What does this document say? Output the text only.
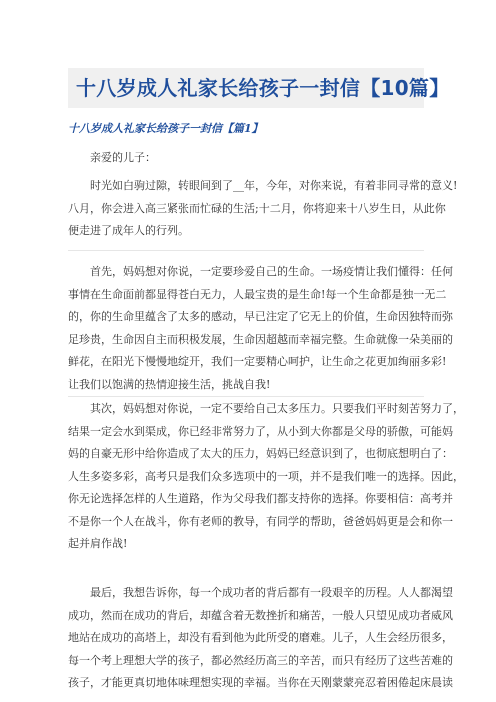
十八岁成人礼家长给孩子一封信【10篇】
十八岁成人礼家长给孩子一封信【篇1】
亲爱的儿子：
时光如白驹过隙，转眼间到了__年，今年，对你来说，有着非同寻常的意义!
八月，你会进入高三紧张而忙碌的生活;十二月，你将迎来十八岁生日，从此你
便走进了成年人的行列。
首先，妈妈想对你说，一定要珍爱自己的生命。一场疫情让我们懂得：任何
事情在生命面前都显得苍白无力，人最宝贵的是生命!每一个生命都是独一无二
的，你的生命里蕴含了太多的感动，早已注定了它无上的价值，生命因独特而弥
足珍贵，生命因自主而积极发展，生命因超越而幸福完整。生命就像一朵美丽的
鲜花，在阳光下慢慢地绽开，我们一定要精心呵护，让生命之花更加绚丽多彩!
让我们以饱满的热情迎接生活，挑战自我!
其次，妈妈想对你说，一定不要给自己太多压力。只要我们平时刻苦努力了，
结果一定会水到渠成，你已经非常努力了，从小到大你都是父母的骄傲，可能妈
妈的自豪无形中给你造成了太大的压力，妈妈已经意识到了，也彻底想明白了：
人生多姿多彩，高考只是我们众多选项中的一项，并不是我们唯一的选择。因此，
你无论选择怎样的人生道路，作为父母我们都支持你的选择。你要相信：高考并
不是你一个人在战斗，你有老师的教导，有同学的帮助，爸爸妈妈更是会和你一
起并肩作战!
最后，我想告诉你，每一个成功者的背后都有一段艰辛的历程。人人都渴望
成功，然而在成功的背后，却蕴含着无数挫折和痛苦，一般人只望见成功者威风
地站在成功的高塔上，却没有看到他为此所受的磨难。儿子，人生会经历很多，
每一个考上理想大学的孩子，都必然经历高三的辛苦，而只有经历了这些苦难的
孩子，才能更真切地体味理想实现的幸福。当你在天刚蒙蒙亮忍着困倦起床晨读
